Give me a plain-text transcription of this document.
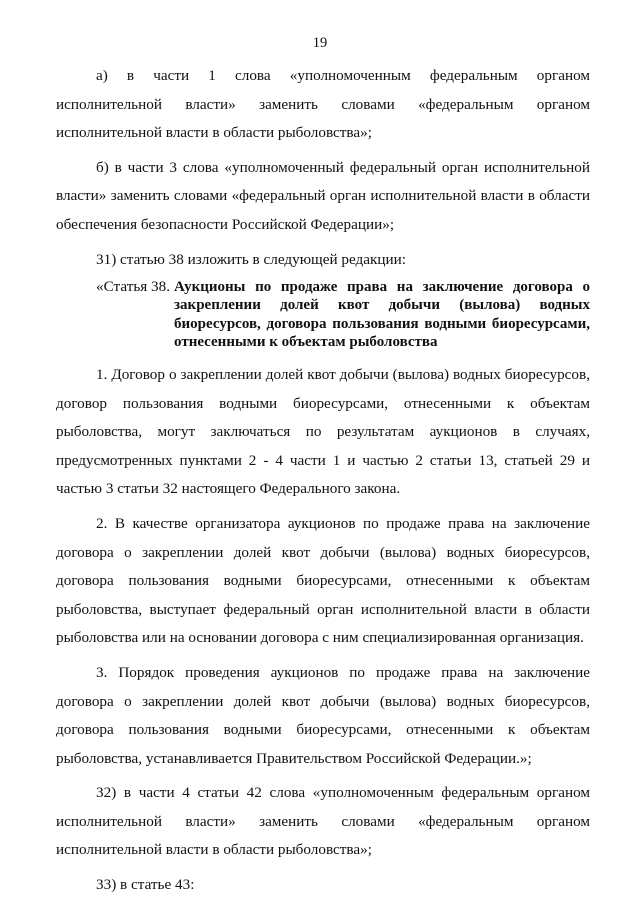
19

а) в части 1 слова «уполномоченным федеральным органом исполнительной власти» заменить словами «федеральным органом исполнительной власти в области рыболовства»;

б) в части 3 слова «уполномоченный федеральный орган исполнительной власти» заменить словами «федеральный орган исполнительной власти в области обеспечения безопасности Российской Федерации»;

31) статью 38 изложить в следующей редакции:

«Статья 38. Аукционы по продаже права на заключение договора о закреплении долей квот добычи (вылова) водных биоресурсов, договора пользования водными биоресурсами, отнесенными к объектам рыболовства

1. Договор о закреплении долей квот добычи (вылова) водных биоресурсов, договор пользования водными биоресурсами, отнесенными к объектам рыболовства, могут заключаться по результатам аукционов в случаях, предусмотренных пунктами 2 - 4 части 1 и частью 2 статьи 13, статьей 29 и частью 3 статьи 32 настоящего Федерального закона.

2. В качестве организатора аукционов по продаже права на заключение договора о закреплении долей квот добычи (вылова) водных биоресурсов, договора пользования водными биоресурсами, отнесенными к объектам рыболовства, выступает федеральный орган исполнительной власти в области рыболовства или на основании договора с ним специализированная организация.

3. Порядок проведения аукционов по продаже права на заключение договора о закреплении долей квот добычи (вылова) водных биоресурсов, договора пользования водными биоресурсами, отнесенными к объектам рыболовства, устанавливается Правительством Российской Федерации.»;

32) в части 4 статьи 42 слова «уполномоченным федеральным органом исполнительной власти» заменить словами «федеральным органом исполнительной власти в области рыболовства»;

33) в статье 43:
